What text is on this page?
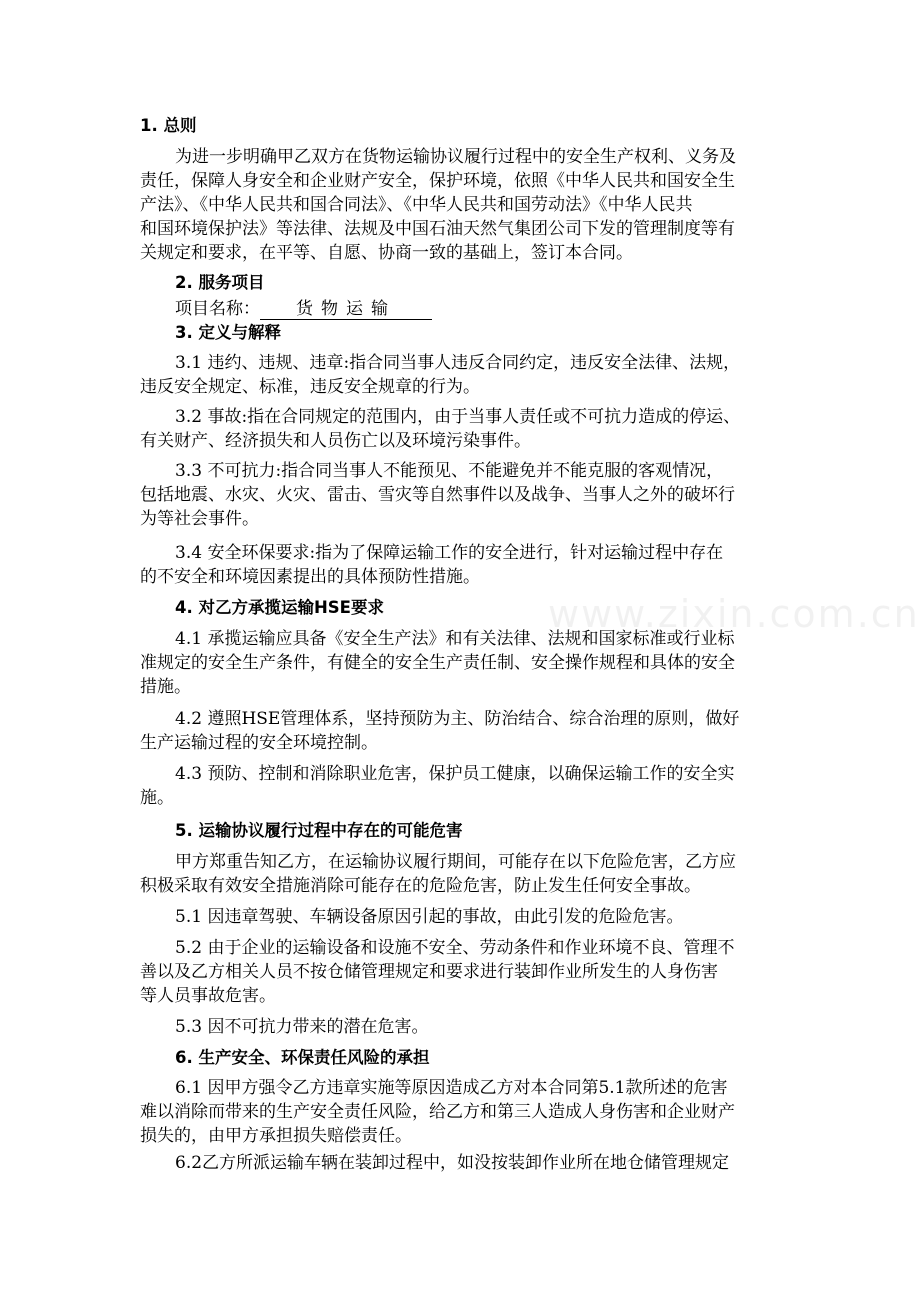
1. 总则
为进一步明确甲乙双方在货物运输协议履行过程中的安全生产权利、义务及
责任，保障人身安全和企业财产安全，保护环境，依照《中华人民共和国安全生
产法》、《中华人民共和国合同法》、《中华人民共和国劳动法》《中华人民共
和国环境保护法》等法律、法规及中国石油天然气集团公司下发的管理制度等有
关规定和要求，在平等、自愿、协商一致的基础上，签订本合同。
2. 服务项目
项目名称： 货物运输
3. 定义与解释
3.1 违约、违规、违章:指合同当事人违反合同约定，违反安全法律、法规，
违反安全规定、标准，违反安全规章的行为。
3.2 事故:指在合同规定的范围内，由于当事人责任或不可抗力造成的停运、
有关财产、经济损失和人员伤亡以及环境污染事件。
3.3 不可抗力:指合同当事人不能预见、不能避免并不能克服的客观情况，
包括地震、水灾、火灾、雷击、雪灾等自然事件以及战争、当事人之外的破坏行
为等社会事件。
3.4 安全环保要求:指为了保障运输工作的安全进行，针对运输过程中存在
的不安全和环境因素提出的具体预防性措施。
4. 对乙方承揽运输HSE要求
4.1 承揽运输应具备《安全生产法》和有关法律、法规和国家标准或行业标
准规定的安全生产条件，有健全的安全生产责任制、安全操作规程和具体的安全
措施。
4.2 遵照HSE管理体系，坚持预防为主、防治结合、综合治理的原则，做好
生产运输过程的安全环境控制。
4.3 预防、控制和消除职业危害，保护员工健康，以确保运输工作的安全实
施。
5. 运输协议履行过程中存在的可能危害
甲方郑重告知乙方，在运输协议履行期间，可能存在以下危险危害，乙方应
积极采取有效安全措施消除可能存在的危险危害，防止发生任何安全事故。
5.1 因违章驾驶、车辆设备原因引起的事故，由此引发的危险危害。
5.2 由于企业的运输设备和设施不安全、劳动条件和作业环境不良、管理不
善以及乙方相关人员不按仓储管理规定和要求进行装卸作业所发生的人身伤害
等人员事故危害。
5.3 因不可抗力带来的潜在危害。
6. 生产安全、环保责任风险的承担
6.1 因甲方强令乙方违章实施等原因造成乙方对本合同第5.1款所述的危害
难以消除而带来的生产安全责任风险，给乙方和第三人造成人身伤害和企业财产
损失的，由甲方承担损失赔偿责任。
6.2乙方所派运输车辆在装卸过程中，如没按装卸作业所在地仓储管理规定
www.zixin.com.cn
